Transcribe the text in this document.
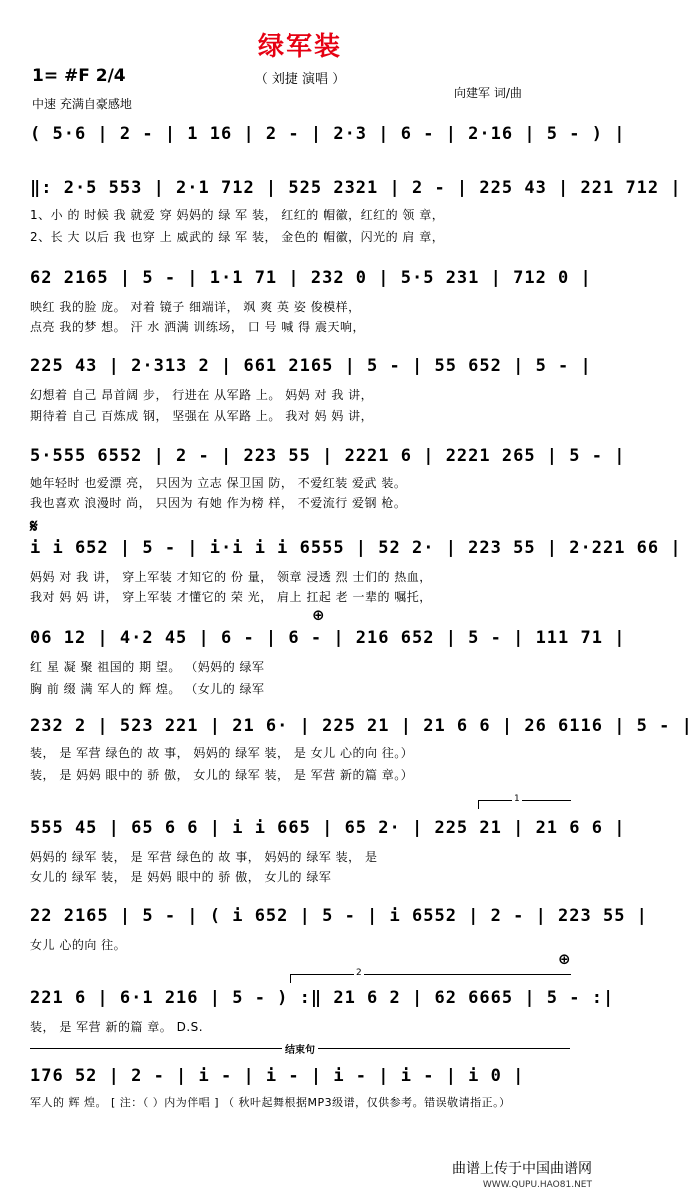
绿军装
（ 刘捷 演唱 ）
1= #F 2/4
中速 充满自豪感地
向建军 词/曲
( 5·6 | 2 - | 1 16 | 2 - | 2·3 | 6 - | 2·16 | 5 - ) |
‖: 2·5 553 | 2·1 712 | 525 2321 | 2 - | 225 43 | 221 712 |
1、小 的 时候 我 就爱 穿 妈妈的 绿 军 装， 红红的 帽徽，红红的 领 章，
2、长 大 以后 我 也穿 上 威武的 绿 军 装， 金色的 帽徽，闪光的 肩 章，
62 2165 | 5 - | 1·1 71 | 232 0 | 5·5 231 | 712 0 |
映红 我的脸 庞。 对着 镜子 细端详， 飒 爽 英 姿 俊模样，
点亮 我的梦 想。 汗 水 洒满 训练场， 口 号 喊 得 震天响，
225 43 | 2·313 2 | 661 2165 | 5 - | 55 652 | 5 - |
幻想着 自己 昂首阔 步， 行进在 从军路 上。 妈妈 对 我 讲，
期待着 自己 百炼成 钢， 坚强在 从军路 上。 我对 妈 妈 讲，
5·555 6552 | 2 - | 223 55 | 2221 6 | 2221 265 | 5 - |
她年轻时 也爱漂 亮， 只因为 立志 保卫国 防， 不爱红装 爱武 装。
我也喜欢 浪漫时 尚， 只因为 有她 作为榜 样， 不爱流行 爱钢 枪。
𝄋
i i 652 | 5 - | i·i i i 6555 | 52 2· | 223 55 | 2·221 66 |
妈妈 对 我 讲， 穿上军装 才知它的 份 量， 领章 浸透 烈 士们的 热血，
我对 妈 妈 讲， 穿上军装 才懂它的 荣 光， 肩上 扛起 老 一辈的 嘱托，
⊕
06 12 | 4·2 45 | 6 - | 6 - | 216 652 | 5 - | 111 71 |
红 星 凝 聚 祖国的 期 望。 （妈妈的 绿军
胸 前 缀 满 军人的 辉 煌。 （女儿的 绿军
232 2 | 523 221 | 21 6· | 225 21 | 21 6 6 | 26 6116 | 5 - |
装， 是 军营 绿色的 故 事， 妈妈的 绿军 装， 是 女儿 心的向 往。）
装， 是 妈妈 眼中的 骄 傲， 女儿的 绿军 装， 是 军营 新的篇 章。）
1
555 45 | 65 6 6 | i i 665 | 65 2· | 225 21 | 21 6 6 |
妈妈的 绿军 装， 是 军营 绿色的 故 事， 妈妈的 绿军 装， 是
女儿的 绿军 装， 是 妈妈 眼中的 骄 傲， 女儿的 绿军
22 2165 | 5 - | ( i 652 | 5 - | i 6552 | 2 - | 223 55 |
女儿 心的向 往。
2
⊕
221 6 | 6·1 216 | 5 - ) :‖ 21 6 2 | 62 6665 | 5 - :|
装， 是 军营 新的篇 章。 D.S.
结束句
176 52 | 2 - | i - | i - | i - | i - | i 0 |
军人的 辉 煌。 [ 注：（ ）内为伴唱 ] （ 秋叶起舞根据MP3级谱，仅供参考。错误敬请指正。）
曲谱上传于中国曲谱网
WWW.QUPU.HAO81.NET
